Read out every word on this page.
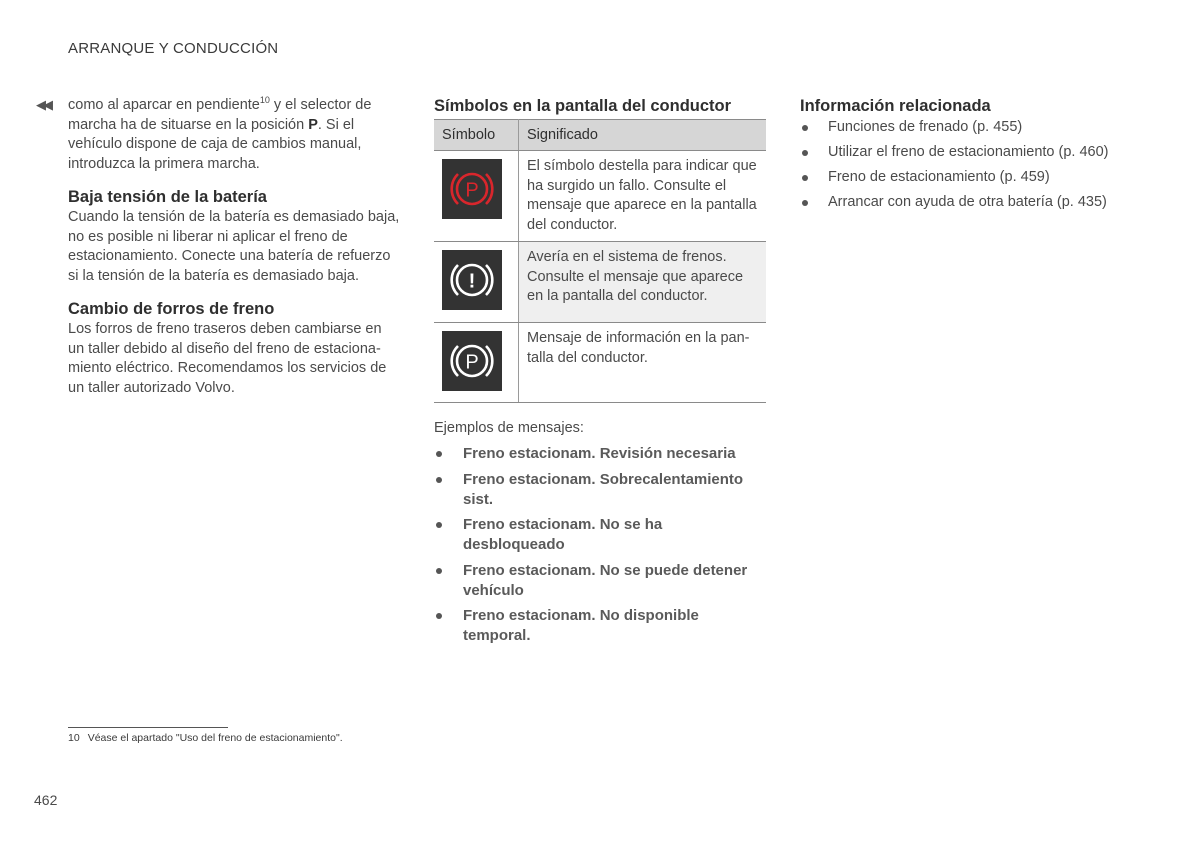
ARRANQUE Y CONDUCCIÓN
◀◀ como al aparcar en pendiente$^{10}$ y el selector de marcha ha de situarse en la posición P. Si el vehículo dispone de caja de cambios manual, introduzca la primera marcha.

Baja tensión de la batería

Cuando la tensión de la batería es demasiado baja, no es posible ni liberar ni aplicar el freno de estacionamiento. Conecte una batería de refuerzo si la tensión de la batería es demasiado baja.

Cambio de forros de freno

Los forros de freno traseros deben cambiarse en un taller debido al diseño del freno de estaciona-miento eléctrico. Recomendamos los servicios de un taller autorizado Volvo.

Símbolos en la pantalla del conductor
Símbolo	Significado

P	El símbolo destella para indicar que ha surgido un fallo. Consulte el mensaje que aparece en la pantalla del conductor.

!	Avería en el sistema de frenos. Consulte el mensaje que aparece en la pantalla del conductor.

P	Mensaje de información en la pan-talla del conductor.
Ejemplos de mensajes:
Freno estacionam. Revisión necesaria
Freno estacionam. Sobrecalentamiento sist.
Freno estacionam. No se ha desbloqueado
Freno estacionam. No se puede detener vehículo
Freno estacionam. No disponible temporal.
Información relacionada
Funciones de frenado (p. 455)
Utilizar el freno de estacionamiento (p. 460)
Freno de estacionamiento (p. 459)
Arrancar con ayuda de otra batería (p. 435)
10 Véase el apartado "Uso del freno de estacionamiento".
462
